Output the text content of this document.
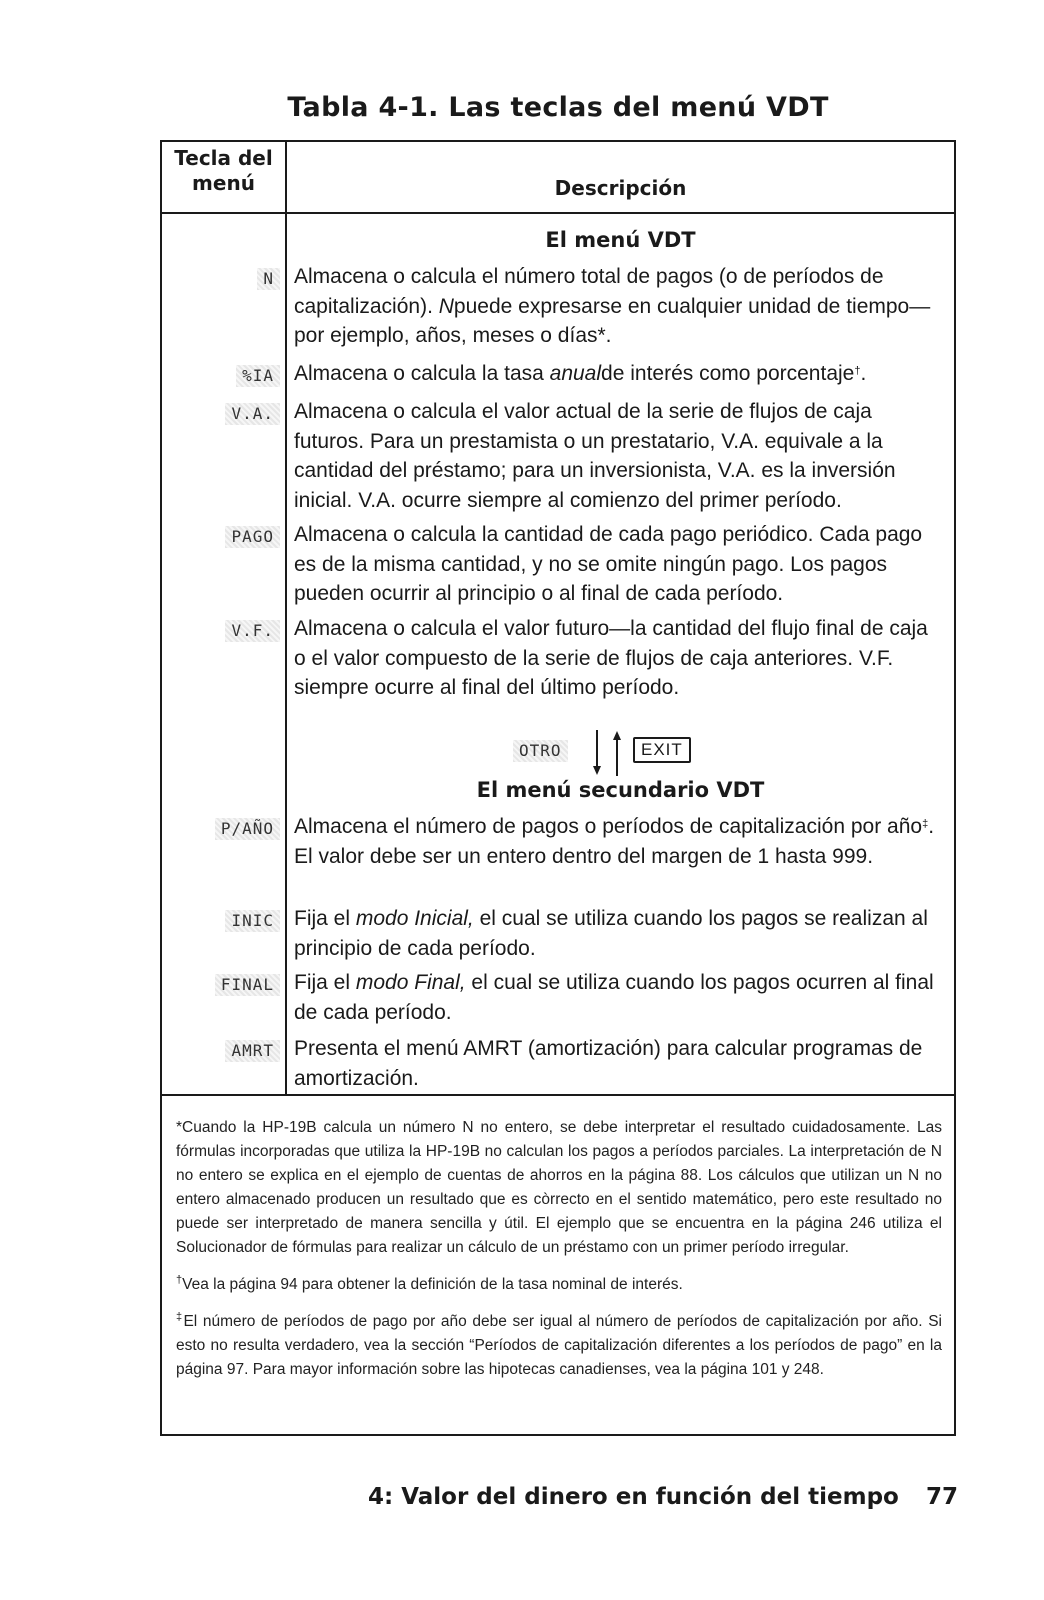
Tabla 4-1. Las teclas del menú VDT
Tecla del menú	Descripción
El menú VDT
N Almacena o calcula el número total de pagos (o de períodos de capitalización). Npuede expresarse en cualquier unidad de tiempo—por ejemplo, años, meses o días*.
%IA Almacena o calcula la tasa anualde interés como porcentaje†.
V.A. Almacena o calcula el valor actual de la serie de flujos de caja futuros. Para un prestamista o un prestatario, V.A. equivale a la cantidad del préstamo; para un inversionista, V.A. es la inversión inicial. V.A. ocurre siempre al comienzo del primer período.
PAGO Almacena o calcula la cantidad de cada pago periódico. Cada pago es de la misma cantidad, y no se omite ningún pago. Los pagos pueden ocurrir al principio o al final de cada período.
V.F. Almacena o calcula el valor futuro—la cantidad del flujo final de caja o el valor compuesto de la serie de flujos de caja anteriores. V.F. siempre ocurre al final del último período.
OTRO	EXIT
El menú secundario VDT
P/AÑO Almacena el número de pagos o períodos de capitalización por año‡. El valor debe ser un entero dentro del margen de 1 hasta 999.
INIC Fija el modo Inicial, el cual se utiliza cuando los pagos se realizan al principio de cada período.
FINAL Fija el modo Final, el cual se utiliza cuando los pagos ocurren al final de cada período.
AMRT Presenta el menú AMRT (amortización) para calcular programas de amortización.

*Cuando la HP-19B calcula un número N no entero, se debe interpretar el resultado cuidadosamente. Las fórmulas incorporadas que utiliza la HP-19B no calculan los pagos a períodos parciales. La interpretación de N no entero se explica en el ejemplo de cuentas de ahorros en la página 88. Los cálculos que utilizan un N no entero almacenado producen un resultado que es còrrecto en el sentido matemático, pero este resultado no puede ser interpretado de manera sencilla y útil. El ejemplo que se encuentra en la página 246 utiliza el Solucionador de fórmulas para realizar un cálculo de un préstamo con un primer período irregular.

†Vea la página 94 para obtener la definición de la tasa nominal de interés.

‡El número de períodos de pago por año debe ser igual al número de períodos de capitalización por año. Si esto no resulta verdadero, vea la sección “Períodos de capitalización diferentes a los períodos de pago” en la página 97. Para mayor información sobre las hipotecas canadienses, vea la página 101 y 248.

4: Valor del dinero en función del tiempo 77
